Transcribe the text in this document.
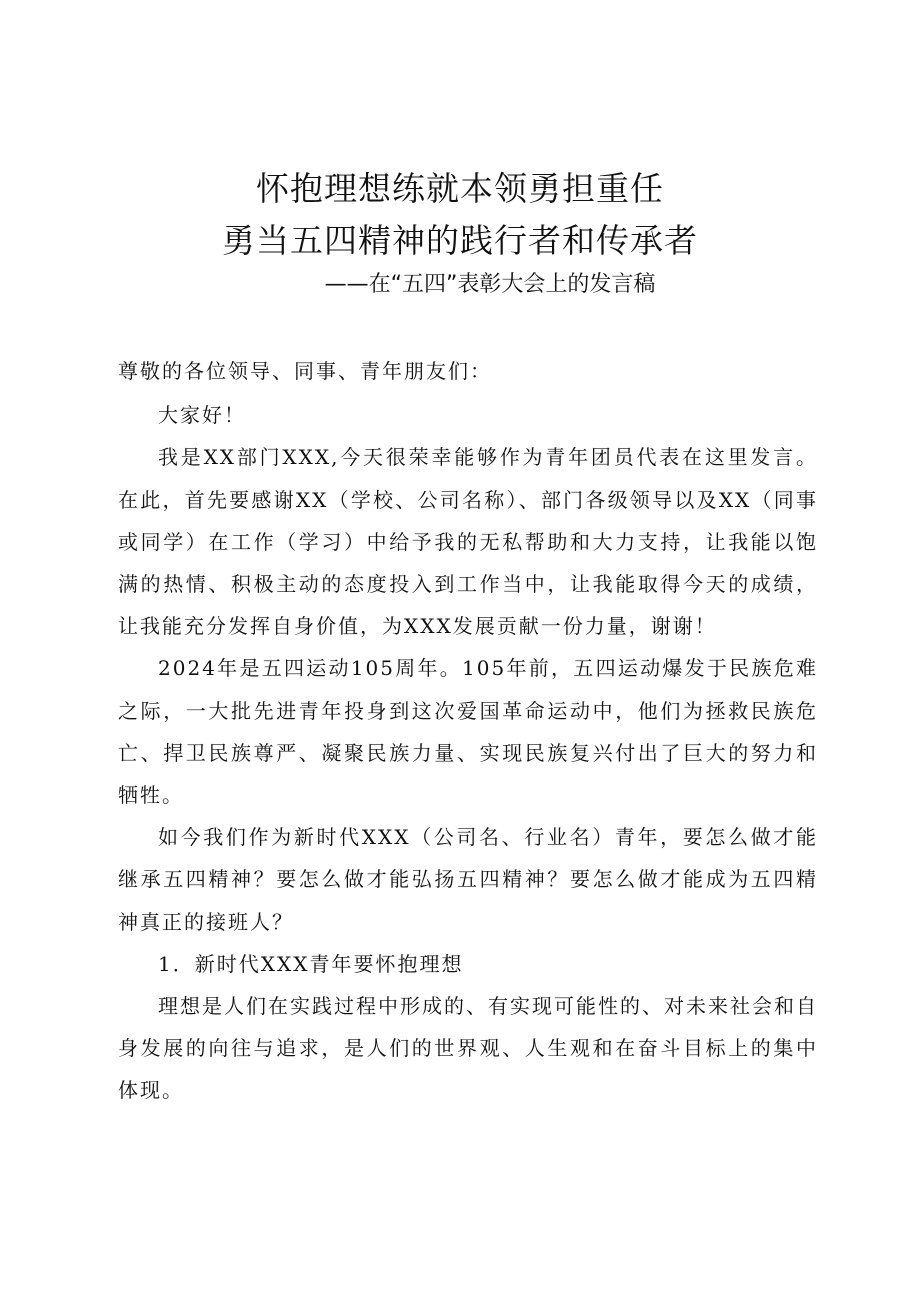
怀抱理想练就本领勇担重任
勇当五四精神的践行者和传承者
——在“五四”表彰大会上的发言稿

尊敬的各位领导、同事、青年朋友们：

大家好！

我是XX部门XXX,今天很荣幸能够作为青年团员代表在这里发言。在此，首先要感谢XX（学校、公司名称）、部门各级领导以及XX（同事或同学）在工作（学习）中给予我的无私帮助和大力支持，让我能以饱满的热情、积极主动的态度投入到工作当中，让我能取得今天的成绩，让我能充分发挥自身价值，为XXX发展贡献一份力量，谢谢！

2024年是五四运动105周年。105年前，五四运动爆发于民族危难之际，一大批先进青年投身到这次爱国革命运动中，他们为拯救民族危亡、捍卫民族尊严、凝聚民族力量、实现民族复兴付出了巨大的努力和牺牲。

如今我们作为新时代XXX（公司名、行业名）青年，要怎么做才能继承五四精神？要怎么做才能弘扬五四精神？要怎么做才能成为五四精神真正的接班人？

1．新时代XXX青年要怀抱理想

理想是人们在实践过程中形成的、有实现可能性的、对未来社会和自身发展的向往与追求，是人们的世界观、人生观和在奋斗目标上的集中体现。
